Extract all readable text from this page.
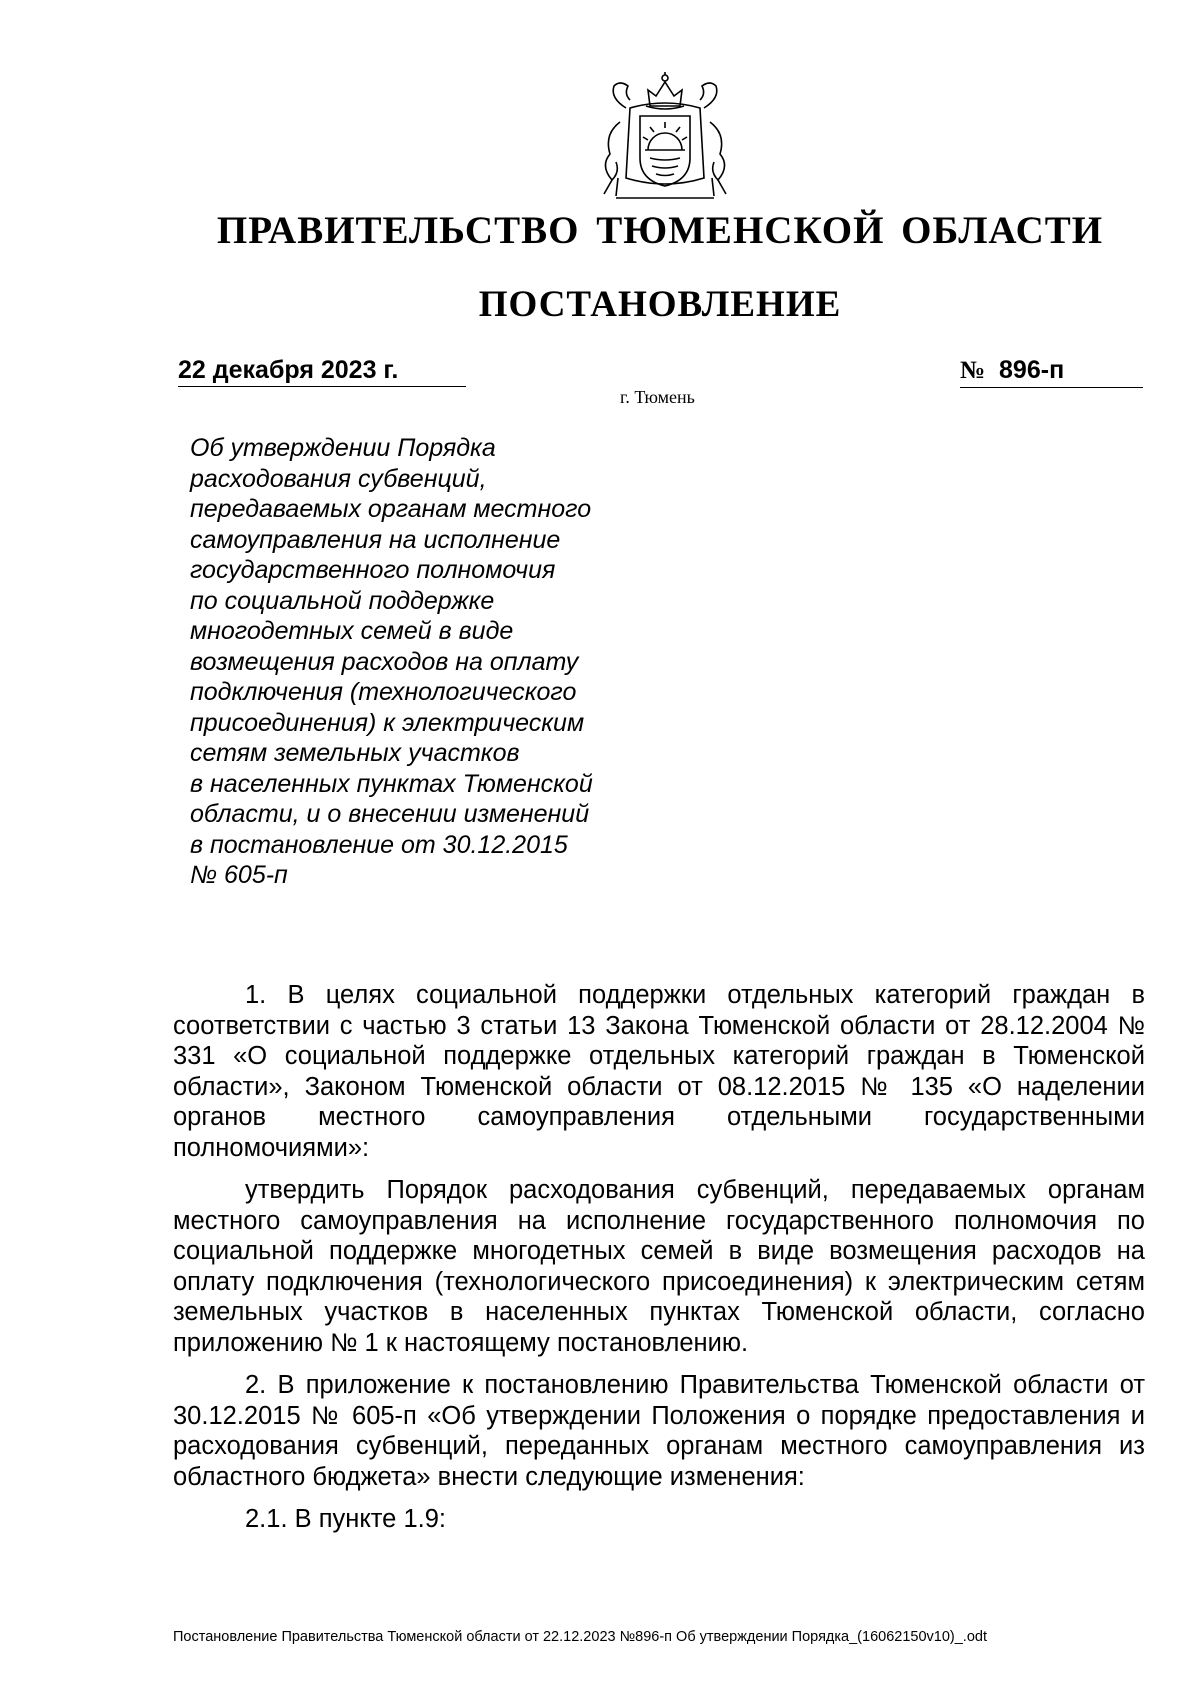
ПРАВИТЕЛЬСТВО ТЮМЕНСКОЙ ОБЛАСТИ
ПОСТАНОВЛЕНИЕ
22 декабря 2023 г.	№ 896-п
г. Тюмень
Об утверждении Порядка
расходования субвенций,
передаваемых органам местного
самоуправления на исполнение
государственного полномочия
по социальной поддержке
многодетных семей в виде
возмещения расходов на оплату
подключения (технологического
присоединения) к электрическим
сетям земельных участков
в населенных пунктах Тюменской
области, и о внесении изменений
в постановление от 30.12.2015
№ 605-п

1. В целях социальной поддержки отдельных категорий граждан в соответствии с частью 3 статьи 13 Закона Тюменской области от 28.12.2004 № 331 «О социальной поддержке отдельных категорий граждан в Тюменской области», Законом Тюменской области от 08.12.2015 № 135 «О наделении органов местного самоуправления отдельными государственными полномочиями»:

утвердить Порядок расходования субвенций, передаваемых органам местного самоуправления на исполнение государственного полномочия по социальной поддержке многодетных семей в виде возмещения расходов на оплату подключения (технологического присоединения) к электрическим сетям земельных участков в населенных пунктах Тюменской области, согласно приложению № 1 к настоящему постановлению.

2. В приложение к постановлению Правительства Тюменской области от 30.12.2015 № 605-п «Об утверждении Положения о порядке предоставления и расходования субвенций, переданных органам местного самоуправления из областного бюджета» внести следующие изменения:

2.1. В пункте 1.9:

Постановление Правительства Тюменской области от 22.12.2023 №896-п Об утверждении Порядка_(16062150v10)_.odt
